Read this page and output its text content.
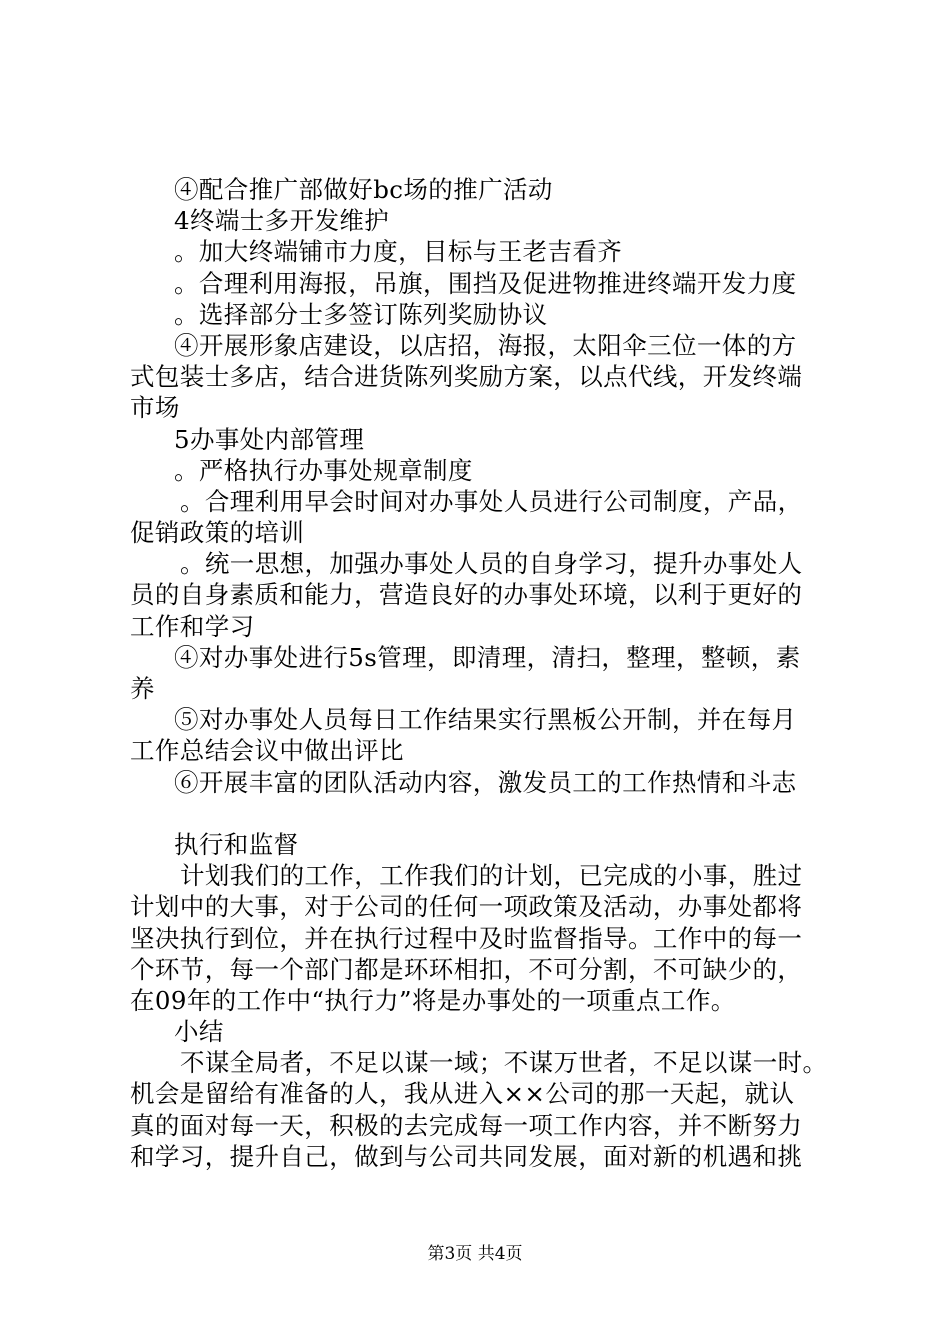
④配合推广部做好bc场的推广活动
4终端士多开发维护
。加大终端铺市力度，目标与王老吉看齐
。合理利用海报，吊旗，围挡及促进物推进终端开发力度
。选择部分士多签订陈列奖励协议
④开展形象店建设，以店招，海报，太阳伞三位一体的方
式包装士多店，结合进货陈列奖励方案，以点代线，开发终端
市场
5办事处内部管理
。严格执行办事处规章制度
。合理利用早会时间对办事处人员进行公司制度，产品，
促销政策的培训
。统一思想，加强办事处人员的自身学习，提升办事处人
员的自身素质和能力，营造良好的办事处环境，以利于更好的
工作和学习
④对办事处进行5s管理，即清理，清扫，整理，整顿，素
养
⑤对办事处人员每日工作结果实行黑板公开制，并在每月
工作总结会议中做出评比
⑥开展丰富的团队活动内容，激发员工的工作热情和斗志
执行和监督
计划我们的工作，工作我们的计划，已完成的小事，胜过
计划中的大事，对于公司的任何一项政策及活动，办事处都将
坚决执行到位，并在执行过程中及时监督指导。工作中的每一
个环节，每一个部门都是环环相扣，不可分割，不可缺少的，
在09年的工作中“执行力”将是办事处的一项重点工作。
小结
不谋全局者，不足以谋一域；不谋万世者，不足以谋一时。
机会是留给有准备的人，我从进入××公司的那一天起，就认
真的面对每一天，积极的去完成每一项工作内容，并不断努力
和学习，提升自己，做到与公司共同发展，面对新的机遇和挑
第3页 共4页
